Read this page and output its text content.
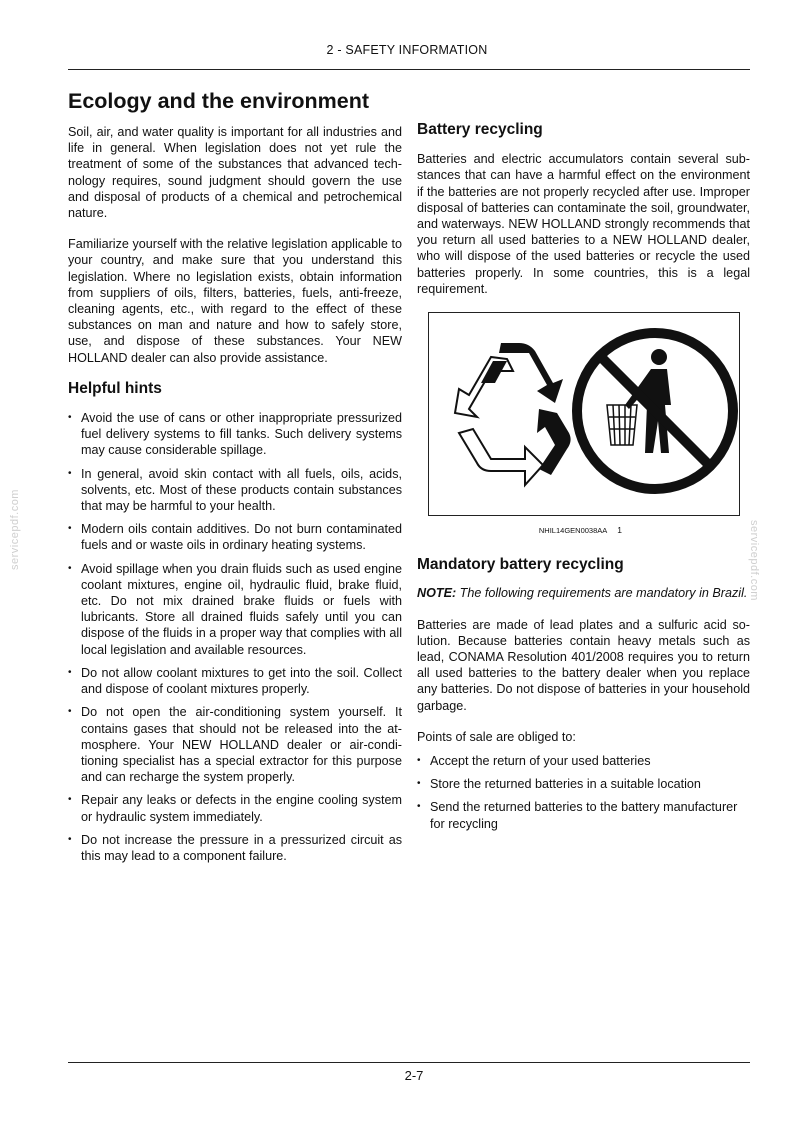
2 - SAFETY INFORMATION
servicepdf.com	servicepdf.com
Ecology and the environment

Soil, air, and water quality is important for all industries and life in general. When legislation does not yet rule the treatment of some of the substances that advanced technology requires, sound judgment should govern the use and disposal of products of a chemical and petrochemical nature.

Familiarize yourself with the relative legislation applicable to your country, and make sure that you understand this legislation. Where no legislation exists, obtain information from suppliers of oils, filters, batteries, fuels, anti-freeze, cleaning agents, etc., with regard to the effect of these substances on man and nature and how to safely store, use, and dispose of these substances. Your NEW HOLLAND dealer can also provide assistance.

Helpful hints
• Avoid the use of cans or other inappropriate pressurized fuel delivery systems to fill tanks. Such delivery systems may cause considerable spillage.
• In general, avoid skin contact with all fuels, oils, acids, solvents, etc. Most of these products contain substances that may be harmful to your health.
• Modern oils contain additives. Do not burn contaminated fuels and or waste oils in ordinary heating systems.
• Avoid spillage when you drain fluids such as used engine coolant mixtures, engine oil, hydraulic fluid, brake fluid, etc. Do not mix drained brake fluids or fuels with lubricants. Store all drained fluids safely until you can dispose of the fluids in a proper way that complies with all local legislation and available resources.
• Do not allow coolant mixtures to get into the soil. Collect and dispose of coolant mixtures properly.
• Do not open the air-conditioning system yourself. It contains gases that should not be released into the atmosphere. Your NEW HOLLAND dealer or air-conditioning specialist has a special extractor for this purpose and can recharge the system properly.
• Repair any leaks or defects in the engine cooling system or hydraulic system immediately.
• Do not increase the pressure in a pressurized circuit as this may lead to a component failure.
Battery recycling

Batteries and electric accumulators contain several substances that can have a harmful effect on the environment if the batteries are not properly recycled after use. Improper disposal of batteries can contaminate the soil, groundwater, and waterways. NEW HOLLAND strongly recommends that you return all used batteries to a NEW HOLLAND dealer, who will dispose of the used batteries or recycle the used batteries properly. In some countries, this is a legal requirement.

NHIL14GEN0038AA 1
Mandatory battery recycling
NOTE: The following requirements are mandatory in Brazil.

Batteries are made of lead plates and a sulfuric acid solution. Because batteries contain heavy metals such as lead, CONAMA Resolution 401/2008 requires you to return all used batteries to the battery dealer when you replace any batteries. Do not dispose of batteries in your household garbage.

Points of sale are obliged to:

• Accept the return of your used batteries
• Store the returned batteries in a suitable location
• Send the returned batteries to the battery manufacturer for recycling
2-7
